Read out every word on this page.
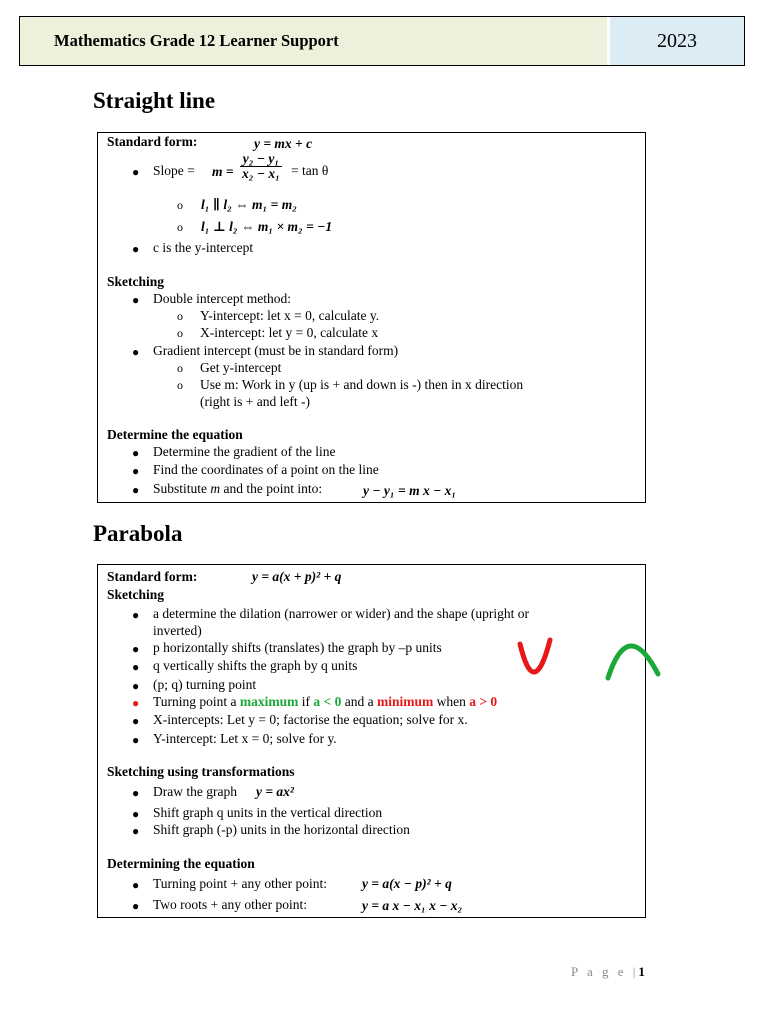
Mathematics Grade 12 Learner Support	2023
Straight line
Standard form:	y = mx + c
● Slope = $m = \frac{\text{y₂ − y₁}}{\text{x₂ − x₁}} = \tan \theta$
o l₁ ∥ l₂ ⇔ m₁ = m₂
o l₁ ⊥ l₂ ⇔ m₁ × m₂ = −1
● c is the y-intercept
Sketching
● Double intercept method:
o Y-intercept: let x = 0, calculate y.
o X-intercept: let y = 0, calculate x
● Gradient intercept (must be in standard form)
o Get y-intercept
o Use m: Work in y (up is + and down is -) then in x direction
(right is + and left -)
Determine the equation
● Determine the gradient of the line
● Find the coordinates of a point on the line
● Substitute m and the point into:	y − y₁ = m x − x₁
Parabola
Standard form:	y = a(x + p)² + q
Sketching
● a determine the dilation (narrower or wider) and the shape (upright or
inverted)
● p horizontally shifts (translates) the graph by –p units
● q vertically shifts the graph by q units
● (p; q) turning point
● Turning point a maximum if a < 0 and a minimum when a > 0
● X-intercepts: Let y = 0; factorise the equation; solve for x.
● Y-intercept: Let x = 0; solve for y.
Sketching using transformations
● Draw the graph y = ax²
● Shift graph q units in the vertical direction
● Shift graph (-p) units in the horizontal direction
Determining the equation
● Turning point + any other point:	y = a(x − p)² + q
● Two roots + any other point:	y = a x − x₁ x − x₂
P a g e |1
